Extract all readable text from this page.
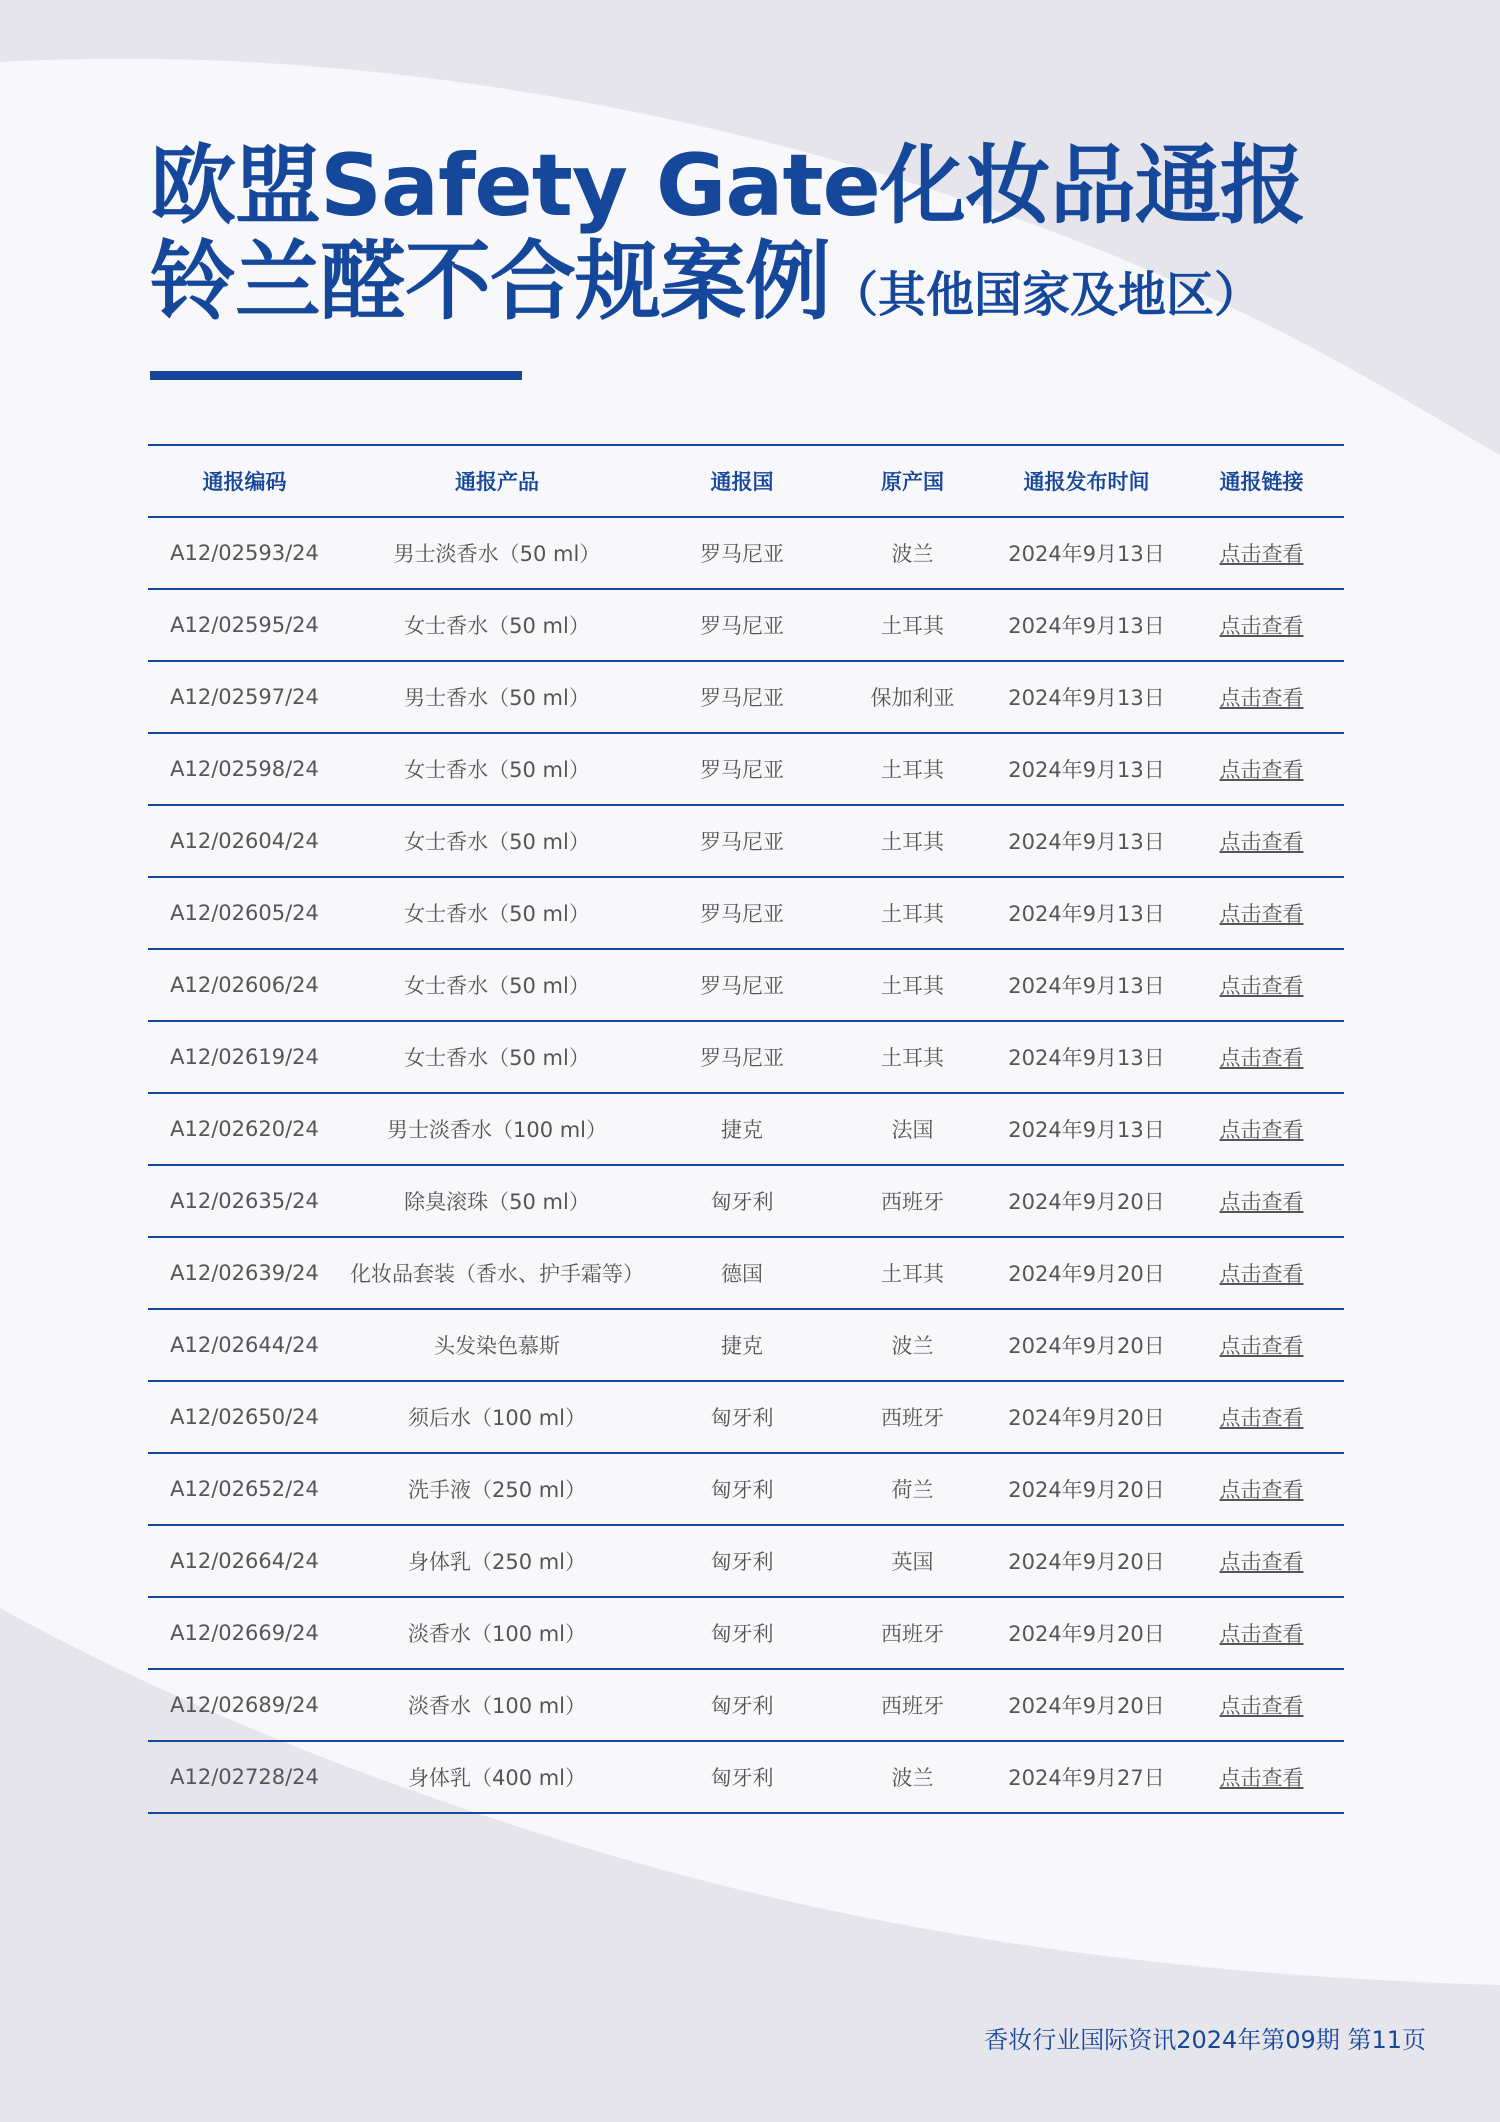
欧盟Safety Gate化妆品通报
铃兰醛不合规案例（其他国家及地区）
通报编码	通报产品	通报国	原产国	通报发布时间	通报链接
A12/02593/24	男士淡香水（50 ml）	罗马尼亚	波兰	2024年9月13日	点击查看
A12/02595/24	女士香水（50 ml）	罗马尼亚	土耳其	2024年9月13日	点击查看
A12/02597/24	男士香水（50 ml）	罗马尼亚	保加利亚	2024年9月13日	点击查看
A12/02598/24	女士香水（50 ml）	罗马尼亚	土耳其	2024年9月13日	点击查看
A12/02604/24	女士香水（50 ml）	罗马尼亚	土耳其	2024年9月13日	点击查看
A12/02605/24	女士香水（50 ml）	罗马尼亚	土耳其	2024年9月13日	点击查看
A12/02606/24	女士香水（50 ml）	罗马尼亚	土耳其	2024年9月13日	点击查看
A12/02619/24	女士香水（50 ml）	罗马尼亚	土耳其	2024年9月13日	点击查看
A12/02620/24	男士淡香水（100 ml）	捷克	法国	2024年9月13日	点击查看
A12/02635/24	除臭滚珠（50 ml）	匈牙利	西班牙	2024年9月20日	点击查看
A12/02639/24	化妆品套装（香水、护手霜等）	德国	土耳其	2024年9月20日	点击查看
A12/02644/24	头发染色慕斯	捷克	波兰	2024年9月20日	点击查看
A12/02650/24	须后水（100 ml）	匈牙利	西班牙	2024年9月20日	点击查看
A12/02652/24	洗手液（250 ml）	匈牙利	荷兰	2024年9月20日	点击查看
A12/02664/24	身体乳（250 ml）	匈牙利	英国	2024年9月20日	点击查看
A12/02669/24	淡香水（100 ml）	匈牙利	西班牙	2024年9月20日	点击查看
A12/02689/24	淡香水（100 ml）	匈牙利	西班牙	2024年9月20日	点击查看
A12/02728/24	身体乳（400 ml）	匈牙利	波兰	2024年9月27日	点击查看
香妆行业国际资讯2024年第09期 第11页
